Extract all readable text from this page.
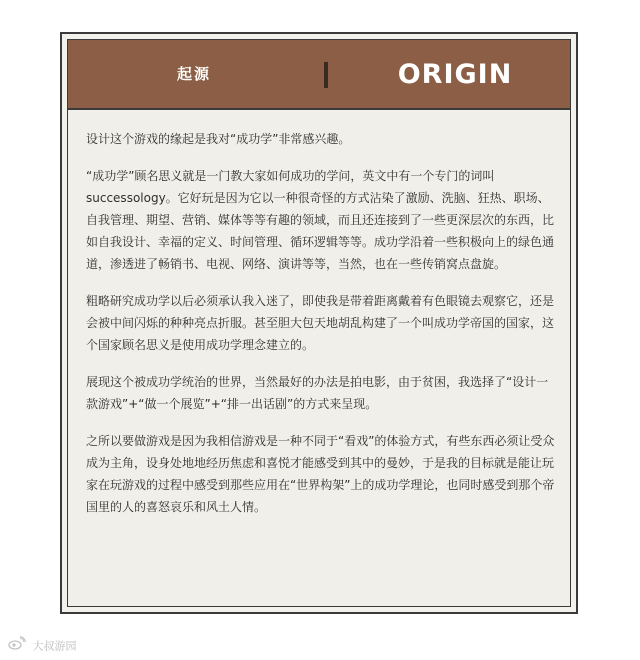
起源	ORIGIN

设计这个游戏的缘起是我对“成功学”非常感兴趣。

“成功学”顾名思义就是一门教大家如何成功的学问，英文中有一个专门的词叫successology。它好玩是因为它以一种很奇怪的方式沾染了激励、洗脑、狂热、职场、自我管理、期望、营销、媒体等等有趣的领域，而且还连接到了一些更深层次的东西，比如自我设计、幸福的定义、时间管理、循环逻辑等等。成功学沿着一些积极向上的绿色通道，渗透进了畅销书、电视、网络、演讲等等，当然，也在一些传销窝点盘旋。

粗略研究成功学以后必须承认我入迷了，即使我是带着距离戴着有色眼镜去观察它，还是会被中间闪烁的种种亮点折服。甚至胆大包天地胡乱构建了一个叫成功学帝国的国家，这个国家顾名思义是使用成功学理念建立的。

展现这个被成功学统治的世界，当然最好的办法是拍电影，由于贫困，我选择了“设计一款游戏”+“做一个展览”+“排一出话剧”的方式来呈现。

之所以要做游戏是因为我相信游戏是一种不同于“看戏”的体验方式，有些东西必须让受众成为主角，设身处地地经历焦虑和喜悦才能感受到其中的曼妙，于是我的目标就是能让玩家在玩游戏的过程中感受到那些应用在“世界构架”上的成功学理论，也同时感受到那个帝国里的人的喜怒哀乐和风土人情。

大叔游园
